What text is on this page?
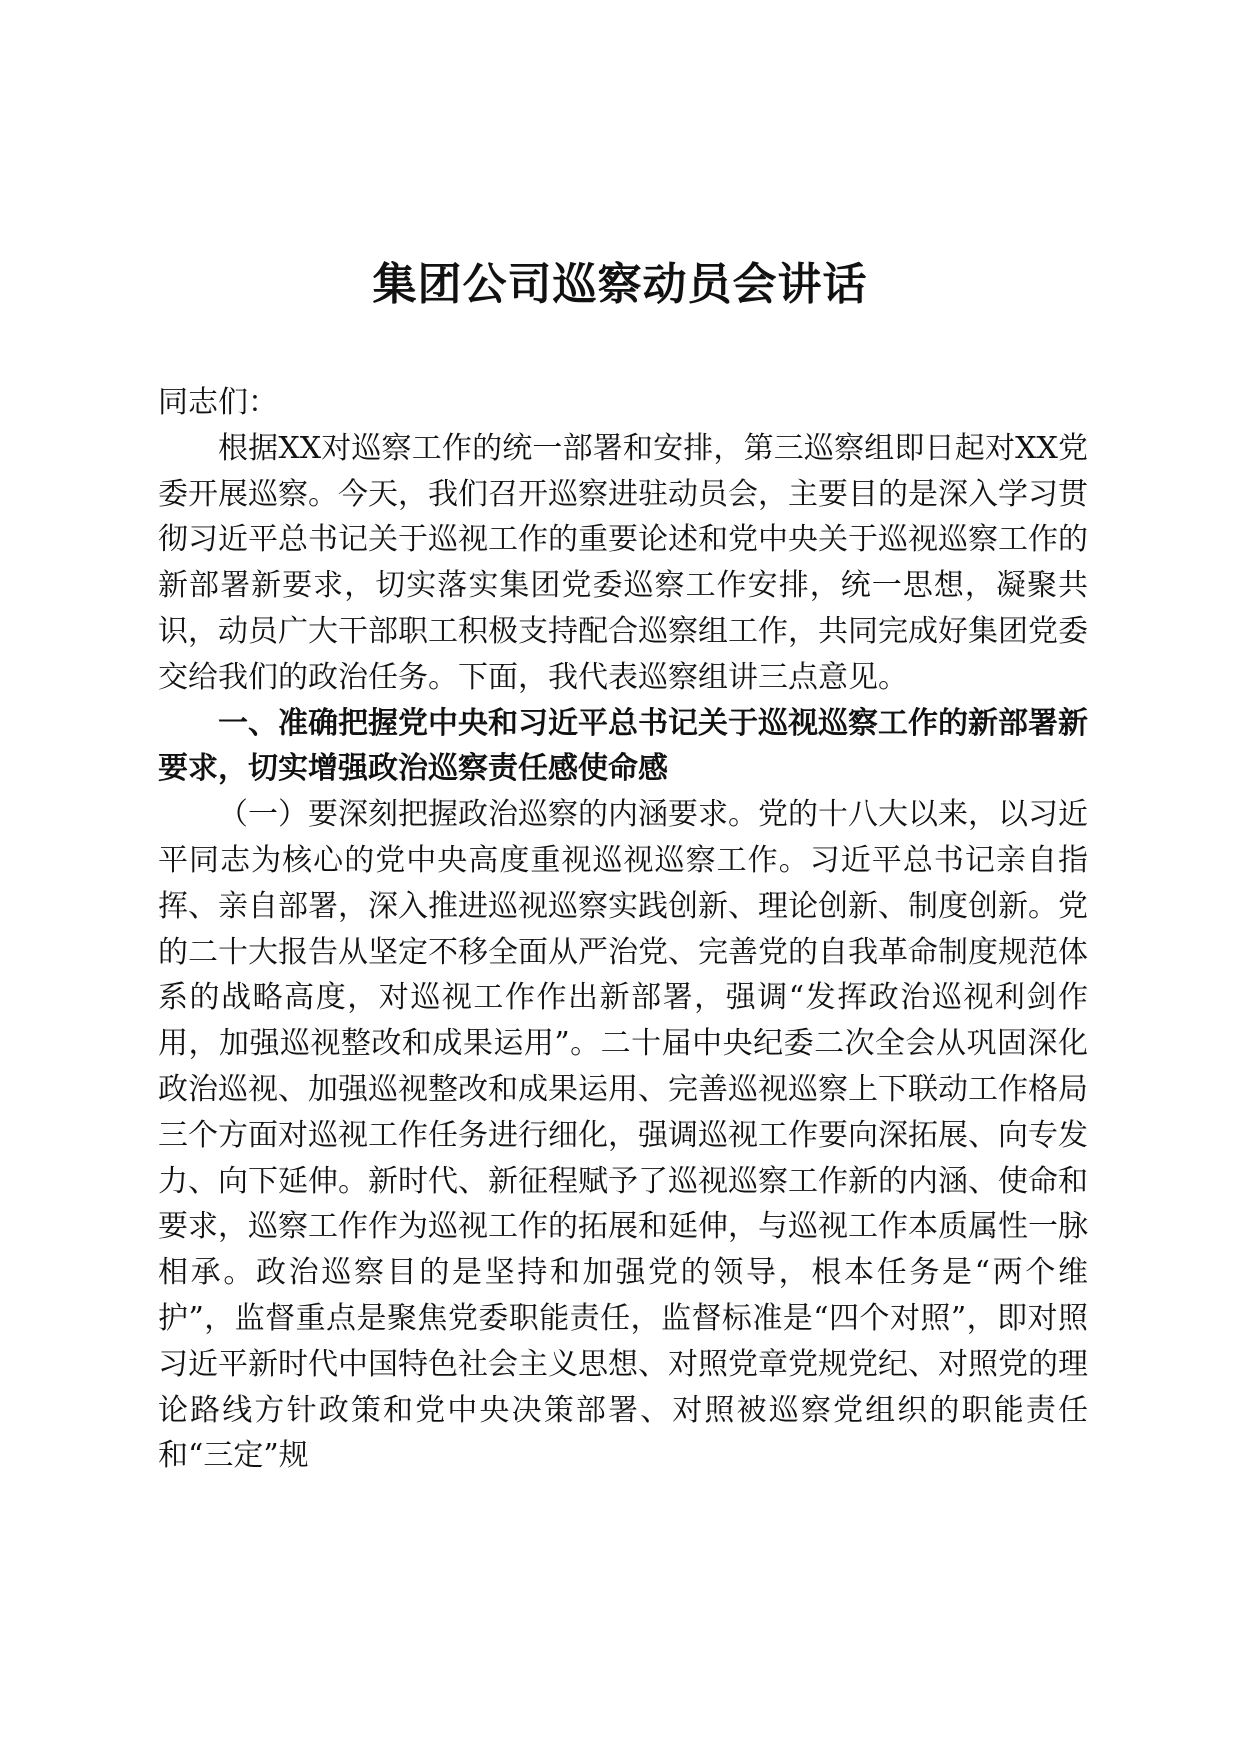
集团公司巡察动员会讲话

同志们：

根据XX对巡察工作的统一部署和安排，第三巡察组即日起对XX党委开展巡察。今天，我们召开巡察进驻动员会，主要目的是深入学习贯彻习近平总书记关于巡视工作的重要论述和党中央关于巡视巡察工作的新部署新要求，切实落实集团党委巡察工作安排，统一思想，凝聚共识，动员广大干部职工积极支持配合巡察组工作，共同完成好集团党委交给我们的政治任务。下面，我代表巡察组讲三点意见。

一、准确把握党中央和习近平总书记关于巡视巡察工作的新部署新要求，切实增强政治巡察责任感使命感

（一）要深刻把握政治巡察的内涵要求。党的十八大以来，以习近平同志为核心的党中央高度重视巡视巡察工作。习近平总书记亲自指挥、亲自部署，深入推进巡视巡察实践创新、理论创新、制度创新。党的二十大报告从坚定不移全面从严治党、完善党的自我革命制度规范体系的战略高度，对巡视工作作出新部署，强调“发挥政治巡视利剑作用，加强巡视整改和成果运用”。二十届中央纪委二次全会从巩固深化政治巡视、加强巡视整改和成果运用、完善巡视巡察上下联动工作格局三个方面对巡视工作任务进行细化，强调巡视工作要向深拓展、向专发力、向下延伸。新时代、新征程赋予了巡视巡察工作新的内涵、使命和要求，巡察工作作为巡视工作的拓展和延伸，与巡视工作本质属性一脉相承。政治巡察目的是坚持和加强党的领导，根本任务是“两个维护”，监督重点是聚焦党委职能责任，监督标准是“四个对照”，即对照习近平新时代中国特色社会主义思想、对照党章党规党纪、对照党的理论路线方针政策和党中央决策部署、对照被巡察党组织的职能责任和“三定”规
